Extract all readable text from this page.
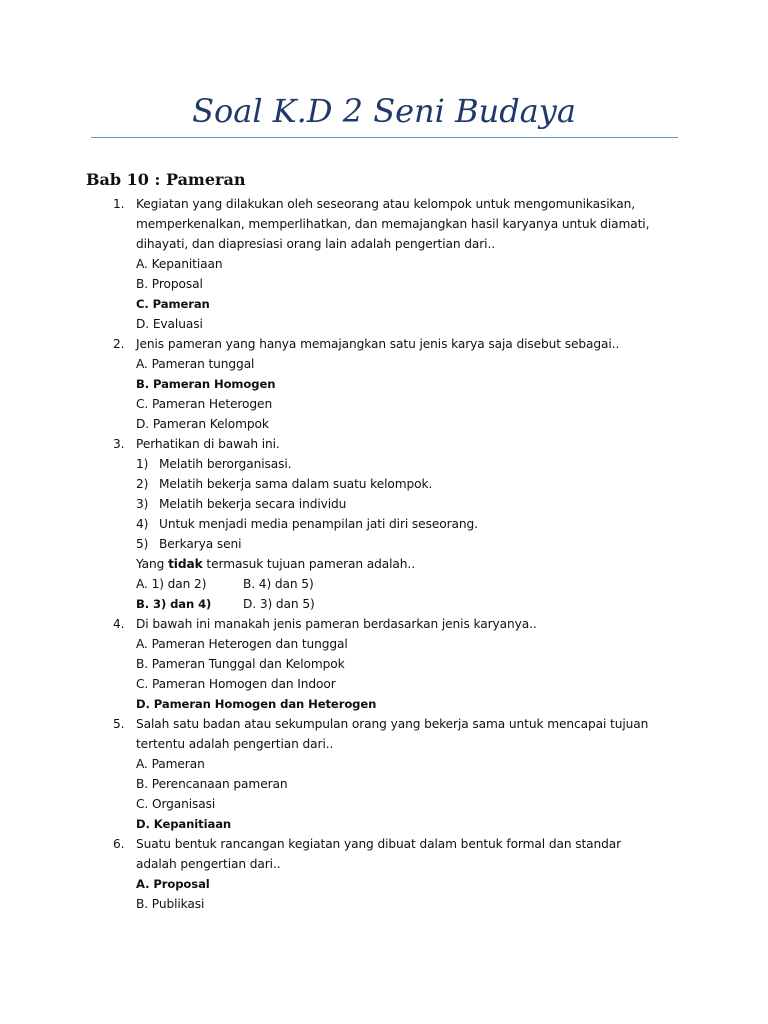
Soal K.D 2 Seni Budaya
Bab 10 : Pameran
1. Kegiatan yang dilakukan oleh seseorang atau kelompok untuk mengomunikasikan, memperkenalkan, memperlihatkan, dan memajangkan hasil karyanya untuk diamati, dihayati, dan diapresiasi orang lain adalah pengertian dari..
A. Kepanitiaan
B. Proposal
C. Pameran
D. Evaluasi
2. Jenis pameran yang hanya memajangkan satu jenis karya saja disebut sebagai..
A. Pameran tunggal
B. Pameran Homogen
C. Pameran Heterogen
D. Pameran Kelompok
3. Perhatikan di bawah ini.
1) Melatih berorganisasi.
2) Melatih bekerja sama dalam suatu kelompok.
3) Melatih bekerja secara individu
4) Untuk menjadi media penampilan jati diri seseorang.
5) Berkarya seni
Yang tidak termasuk tujuan pameran adalah..
A. 1) dan 2)	B. 4) dan 5)
B. 3) dan 4)	D. 3) dan 5)
4. Di bawah ini manakah jenis pameran berdasarkan jenis karyanya..
A. Pameran Heterogen dan tunggal
B. Pameran Tunggal dan Kelompok
C. Pameran Homogen dan Indoor
D. Pameran Homogen dan Heterogen
5. Salah satu badan atau sekumpulan orang yang bekerja sama untuk mencapai tujuan tertentu adalah pengertian dari..
A. Pameran
B. Perencanaan pameran
C. Organisasi
D. Kepanitiaan
6. Suatu bentuk rancangan kegiatan yang dibuat dalam bentuk formal dan standar adalah pengertian dari..
A. Proposal
B. Publikasi
